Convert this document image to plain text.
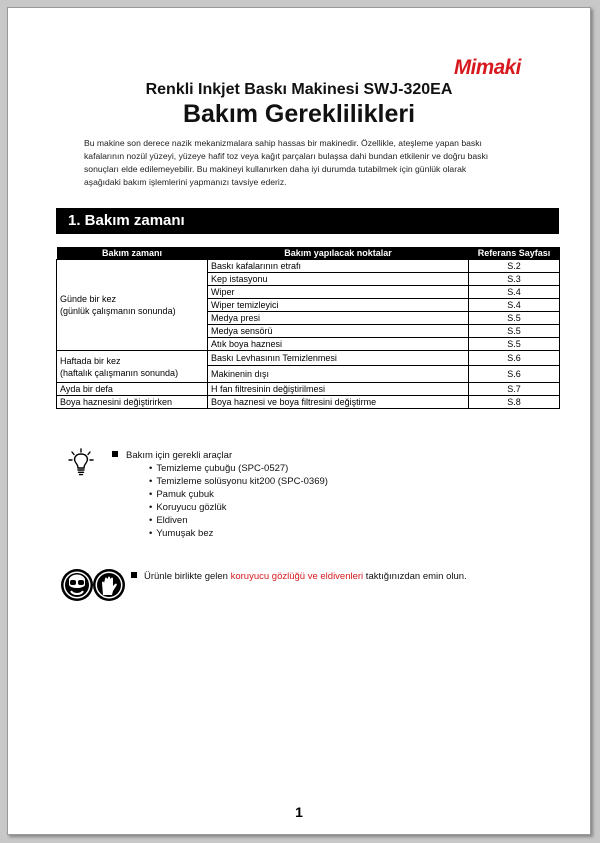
Mimaki
Renkli Inkjet Baskı Makinesi SWJ-320EA
Bakım Gereklilikleri
Bu makine son derece nazik mekanizmalara sahip hassas bir makinedir. Özellikle, ateşleme yapan baskı
kafalarının nozül yüzeyi, yüzeye hafif toz veya kağıt parçaları bulaşsa dahi bundan etkilenir ve doğru baskı
sonuçları elde edilemeyebilir. Bu makineyi kullanırken daha iyi durumda tutabilmek için günlük olarak
aşağıdaki bakım işlemlerini yapmanızı tavsiye ederiz.
1. Bakım zamanı
Bakım zamanı	Bakım yapılacak noktalar	Referans Sayfası

Günde bir kez
(günlük çalışmanın sonunda)	Baskı kafalarının etrafı	S.2
	Kep istasyonu	S.3
	Wiper	S.4
	Wiper temizleyici	S.4
	Medya presi	S.5
	Medya sensörü	S.5
	Atık boya haznesi	S.5

Haftada bir kez
(haftalık çalışmanın sonunda)	Baskı Levhasının Temizlenmesi	S.6
	Makinenin dışı	S.6
Ayda bir defa	H fan filtresinin değiştirilmesi	S.7
Boya haznesini değiştirirken	Boya haznesi ve boya filtresini değiştirme	S.8
Bakım için gerekli araçlar
• Temizleme çubuğu (SPC-0527)
• Temizleme solüsyonu kit200 (SPC-0369)
• Pamuk çubuk
• Koruyucu gözlük
• Eldiven
• Yumuşak bez
Ürünle birlikte gelen koruyucu gözlüğü ve eldivenleri taktığınızdan emin olun.
1
